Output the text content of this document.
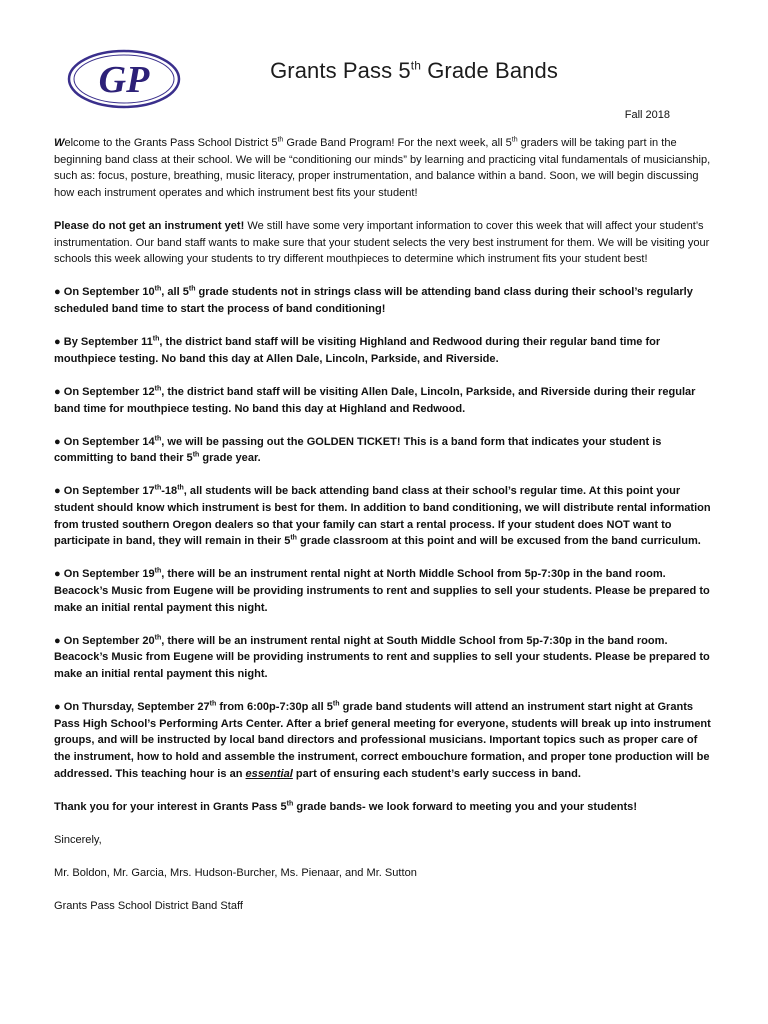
GP	Grants Pass 5th Grade Bands
Fall 2018

Welcome to the Grants Pass School District 5th Grade Band Program! For the next week, all 5th graders will be taking part in the beginning band class at their school. We will be “conditioning our minds” by learning and practicing vital fundamentals of musicianship, such as: focus, posture, breathing, music literacy, proper instrumentation, and balance within a band. Soon, we will begin discussing how each instrument operates and which instrument best fits your student!

Please do not get an instrument yet! We still have some very important information to cover this week that will affect your student’s instrumentation. Our band staff wants to make sure that your student selects the very best instrument for them. We will be visiting your schools this week allowing your students to try different mouthpieces to determine which instrument fits your student best!

● On September 10th, all 5th grade students not in strings class will be attending band class during their school’s regularly scheduled band time to start the process of band conditioning!

● By September 11th, the district band staff will be visiting Highland and Redwood during their regular band time for mouthpiece testing. No band this day at Allen Dale, Lincoln, Parkside, and Riverside.

● On September 12th, the district band staff will be visiting Allen Dale, Lincoln, Parkside, and Riverside during their regular band time for mouthpiece testing. No band this day at Highland and Redwood.

● On September 14th, we will be passing out the GOLDEN TICKET! This is a band form that indicates your student is committing to band their 5th grade year.

● On September 17th-18th, all students will be back attending band class at their school’s regular time. At this point your student should know which instrument is best for them. In addition to band conditioning, we will distribute rental information from trusted southern Oregon dealers so that your family can start a rental process. If your student does NOT want to participate in band, they will remain in their 5th grade classroom at this point and will be excused from the band curriculum.

● On September 19th, there will be an instrument rental night at North Middle School from 5p-7:30p in the band room. Beacock’s Music from Eugene will be providing instruments to rent and supplies to sell your students. Please be prepared to make an initial rental payment this night.

● On September 20th, there will be an instrument rental night at South Middle School from 5p-7:30p in the band room. Beacock’s Music from Eugene will be providing instruments to rent and supplies to sell your students. Please be prepared to make an initial rental payment this night.

● On Thursday, September 27th from 6:00p-7:30p all 5th grade band students will attend an instrument start night at Grants Pass High School’s Performing Arts Center. After a brief general meeting for everyone, students will break up into instrument groups, and will be instructed by local band directors and professional musicians. Important topics such as proper care of the instrument, how to hold and assemble the instrument, correct embouchure formation, and proper tone production will be addressed. This teaching hour is an essential part of ensuring each student’s early success in band.

Thank you for your interest in Grants Pass 5th grade bands- we look forward to meeting you and your students!

Sincerely,

Mr. Boldon, Mr. Garcia, Mrs. Hudson-Burcher, Ms. Pienaar, and Mr. Sutton

Grants Pass School District Band Staff
